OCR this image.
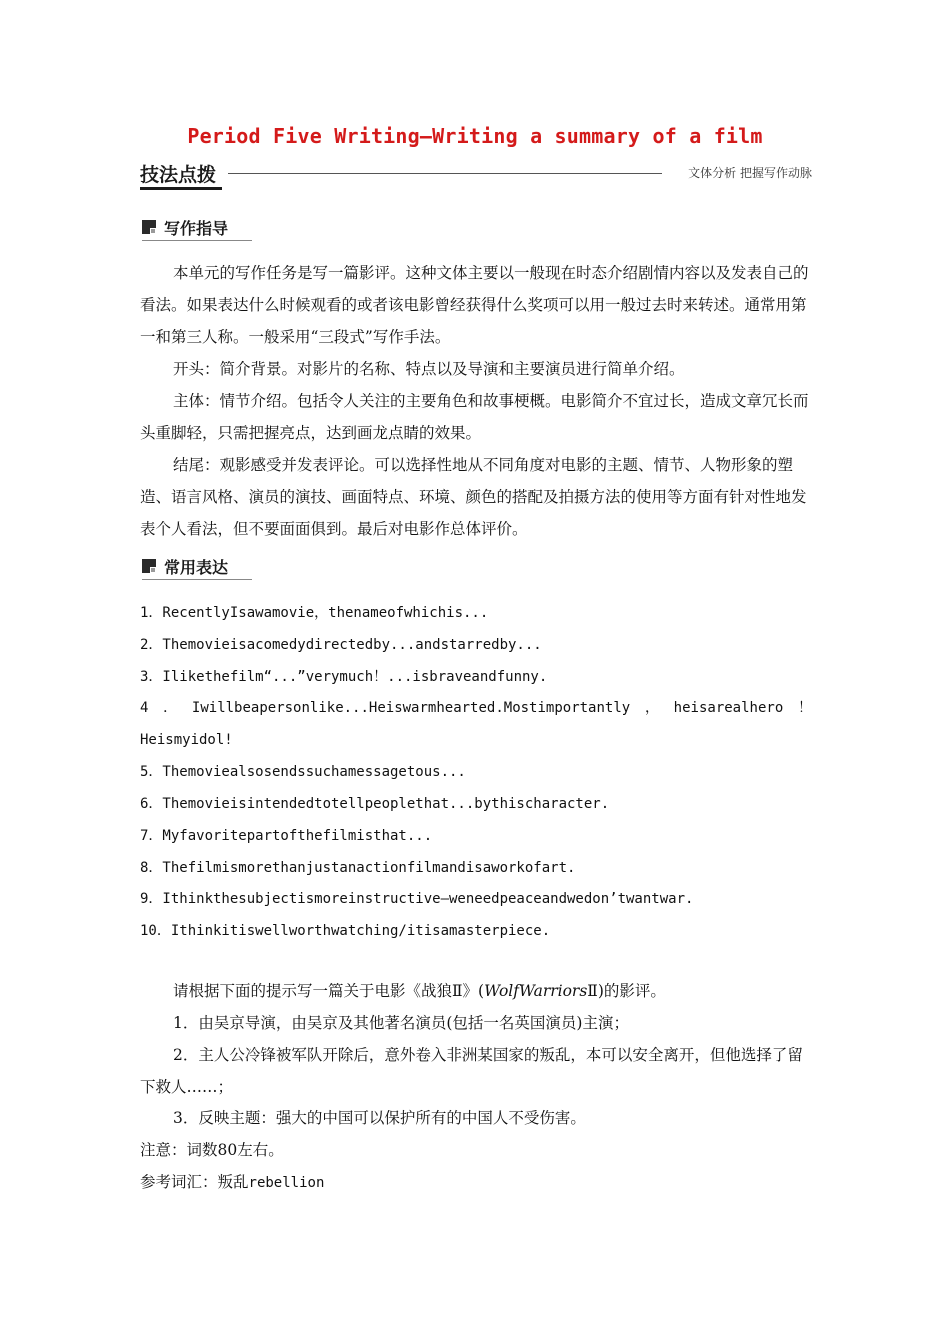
Period Five Writing—Writing a summary of a film
技法点拨	文体分析 把握写作动脉
写作指导
本单元的写作任务是写一篇影评。这种文体主要以一般现在时态介绍剧情内容以及发表自己的看法。如果表达什么时候观看的或者该电影曾经获得什么奖项可以用一般过去时来转述。通常用第一和第三人称。一般采用“三段式”写作手法。
开头：简介背景。对影片的名称、特点以及导演和主要演员进行简单介绍。
主体：情节介绍。包括令人关注的主要角色和故事梗概。电影简介不宜过长，造成文章冗长而头重脚轻，只需把握亮点，达到画龙点睛的效果。
结尾：观影感受并发表评论。可以选择性地从不同角度对电影的主题、情节、人物形象的塑造、语言风格、演员的演技、画面特点、环境、颜色的搭配及拍摄方法的使用等方面有针对性地发表个人看法，但不要面面俱到。最后对电影作总体评价。
常用表达
1．RecentlyIsawamovie，thenameofwhichis...
2．Themovieisacomedydirectedby...andstarredby...
3．Ilikethefilm“...”verymuch！...isbraveandfunny.
4 ． Iwillbeapersonlike...Heiswarmhearted.Mostimportantly ， heisarealhero ！
Heismyidol!
5．Themoviealsosendssuchamessagetous...
6．Themovieisintendedtotellpeoplethat...bythischaracter.
7．Myfavoritepartofthefilmisthat...
8．Thefilmismorethanjustanactionfilmandisaworkofart.
9．Ithinkthesubjectismoreinstructive—weneedpeaceandwedon’twantwar.
10．Ithinkitiswellworthwatching/itisamasterpiece.
请根据下面的提示写一篇关于电影《战狼Ⅱ》(WolfWarriorsⅡ)的影评。
1．由吴京导演，由吴京及其他著名演员(包括一名英国演员)主演；
2．主人公冷锋被军队开除后，意外卷入非洲某国家的叛乱，本可以安全离开，但他选择了留下救人……；
3．反映主题：强大的中国可以保护所有的中国人不受伤害。
注意：词数80左右。
参考词汇：叛乱rebellion
